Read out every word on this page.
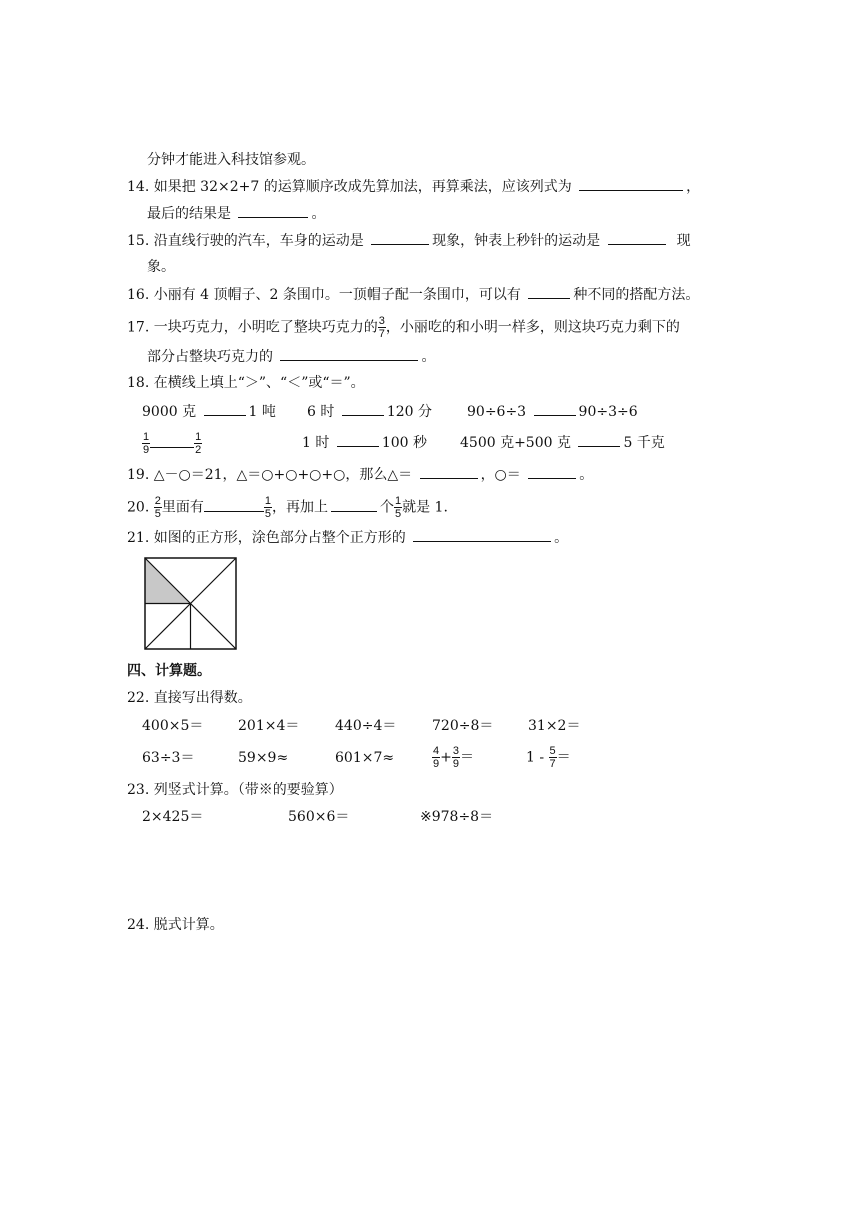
分钟才能进入科技馆参观。
14. 如果把 32×2+7 的运算顺序改成先算加法，再算乘法，应该列式为	，
最后的结果是	。
15. 沿直线行驶的汽车，车身的运动是	现象，钟表上秒针的运动是	现
象。
16. 小丽有 4 顶帽子、2 条围巾。一顶帽子配一条围巾，可以有	种不同的搭配方法。
17. 一块巧克力，小明吃了整块巧克力的 $\frac{3}{7}$ ，小丽吃的和小明一样多，则这块巧克力剩下的
部分占整块巧克力的	。
18. 在横线上填上“＞”、“＜”或“＝”。
9000 克	1 吨 6 时	120 分	90÷6÷3	90÷3÷6
$\frac{1}{9}$	$\frac{1}{2}$	1 时	100 秒 4500 克+500 克	5 千克
19. △－○＝21，△＝○+○+○+○，那么△＝	，○＝	。
20. $\frac{2}{5}$ 里面有	$\frac{1}{5}$ ，再加上	个 $\frac{1}{5}$ 就是 1.
21. 如图的正方形，涂色部分占整个正方形的	。
四、计算题。
22. 直接写出得数。
400×5＝ 201×4＝	440÷4＝	720÷8＝ 31×2＝
63÷3＝	59×9≈	601×7≈	$\frac{4}{9} + \frac{3}{9}$ ＝	$1 - \frac{5}{7}$ ＝
23. 列竖式计算。（带※的要验算）
2×425＝	560×6＝	※978÷8＝
24. 脱式计算。
